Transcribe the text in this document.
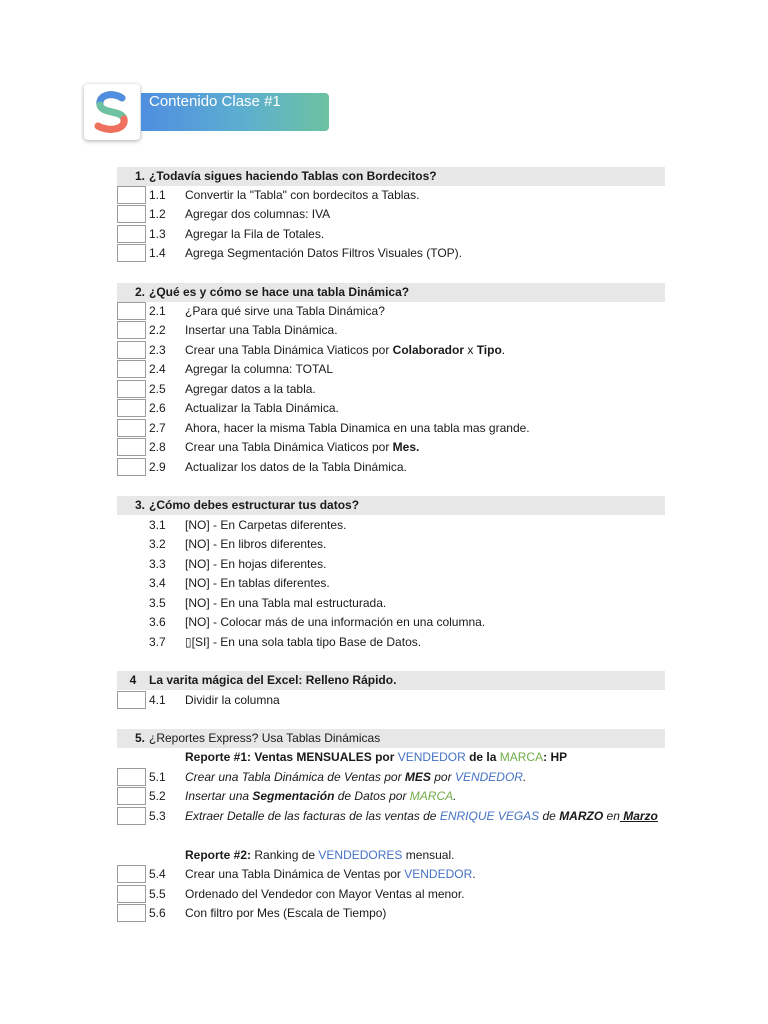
Contenido Clase #1
1. ¿Todavía sigues haciendo Tablas con Bordecitos?
1.1 Convertir la "Tabla" con bordecitos a Tablas.
1.2 Agregar dos columnas: IVA
1.3 Agregar la Fila de Totales.
1.4 Agrega Segmentación Datos Filtros Visuales (TOP).
2. ¿Qué es y cómo se hace una tabla Dinámica?
2.1 ¿Para qué sirve una Tabla Dinámica?
2.2 Insertar una Tabla Dinámica.
2.3 Crear una Tabla Dinámica Viaticos por Colaborador x Tipo.
2.4 Agregar la columna: TOTAL
2.5 Agregar datos a la tabla.
2.6 Actualizar la Tabla Dinámica.
2.7 Ahora, hacer la misma Tabla Dinamica en una tabla mas grande.
2.8 Crear una Tabla Dinámica Viaticos por Mes.
2.9 Actualizar los datos de la Tabla Dinámica.
3. ¿Cómo debes estructurar tus datos?
3.1 [NO] - En Carpetas diferentes.
3.2 [NO] - En libros diferentes.
3.3 [NO] - En hojas diferentes.
3.4 [NO] - En tablas diferentes.
3.5 [NO] - En una Tabla mal estructurada.
3.6 [NO] - Colocar más de una información en una columna.
3.7 ▯[SI] - En una sola tabla tipo Base de Datos.
4	La varita mágica del Excel: Relleno Rápido.
4.1 Dividir la columna
5. ¿Reportes Express? Usa Tablas Dinámicas
Reporte #1: Ventas MENSUALES por VENDEDOR de la MARCA: HP
5.1 Crear una Tabla Dinámica de Ventas por MES por VENDEDOR.
5.2 Insertar una Segmentación de Datos por MARCA.
5.3 Extraer Detalle de las facturas de las ventas de ENRIQUE VEGAS de MARZO en Marzo
Reporte #2: Ranking de VENDEDORES mensual.
5.4 Crear una Tabla Dinámica de Ventas por VENDEDOR.
5.5 Ordenado del Vendedor con Mayor Ventas al menor.
5.6 Con filtro por Mes (Escala de Tiempo)
